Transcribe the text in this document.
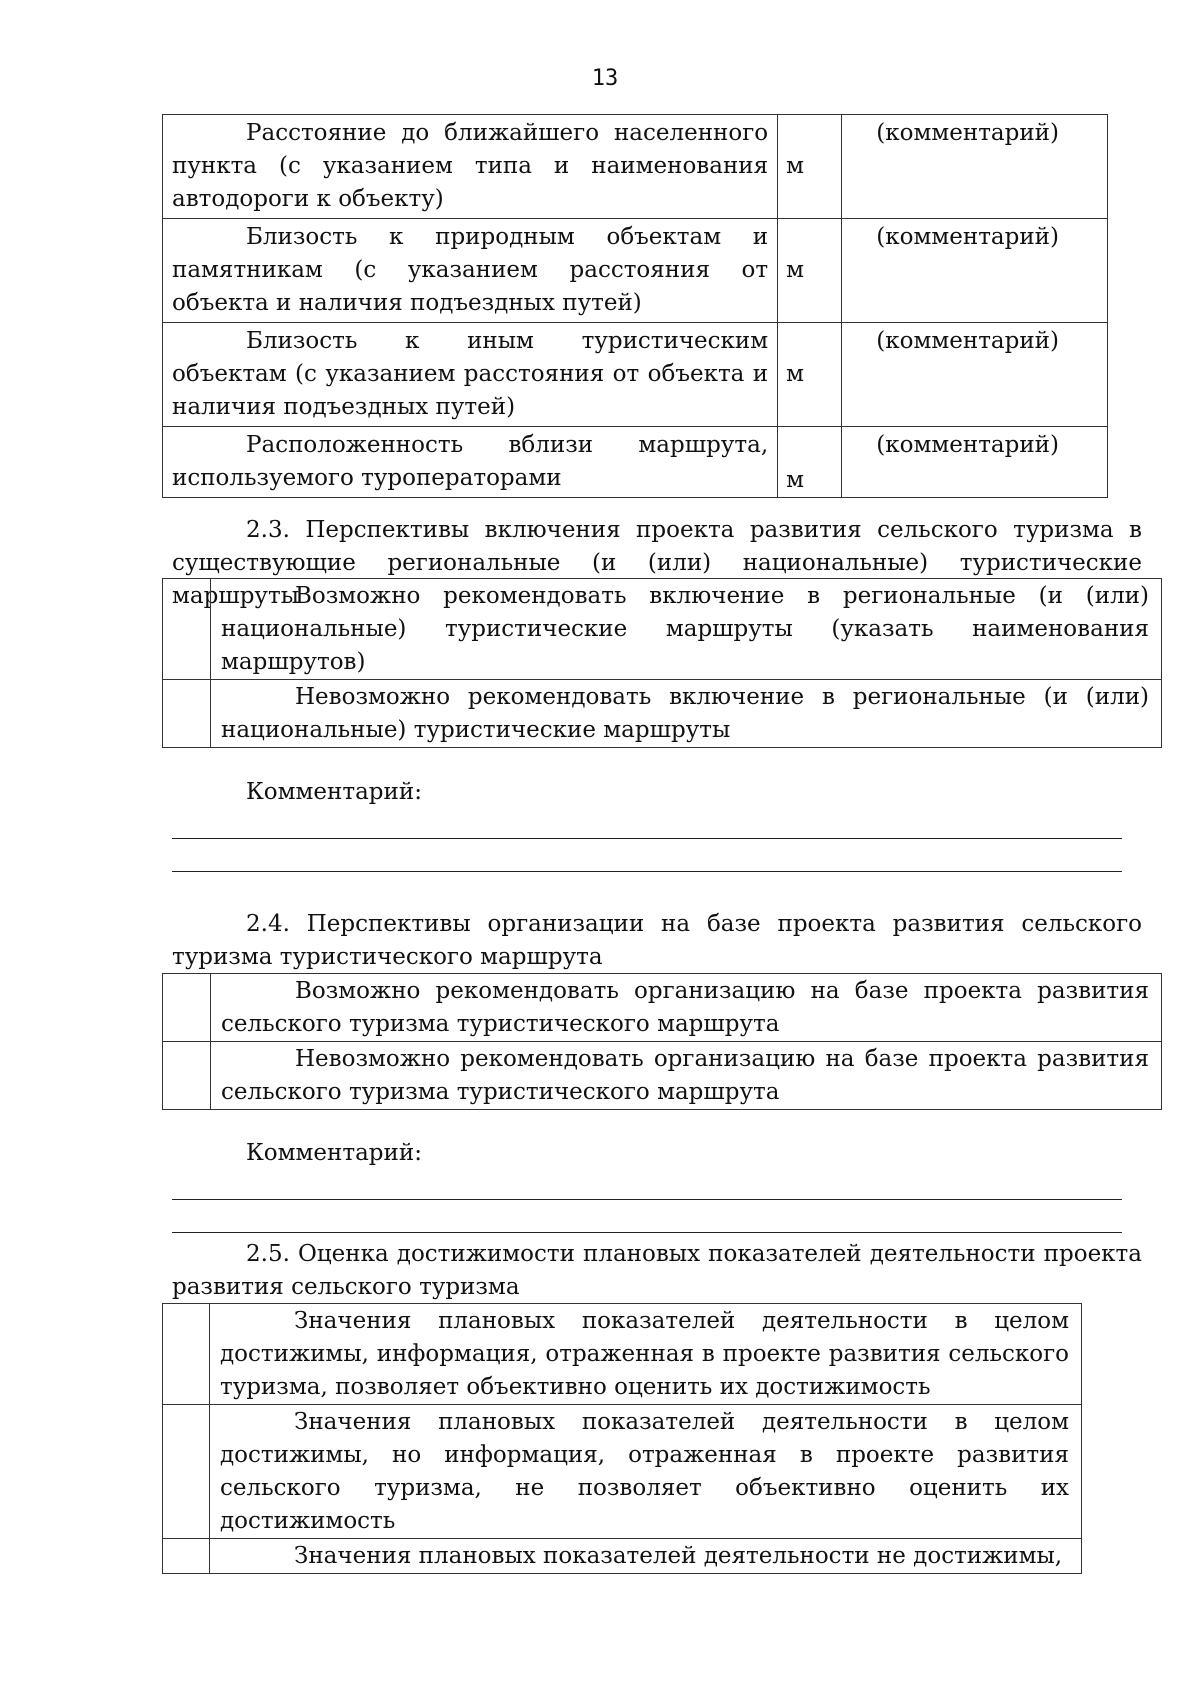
13
Расстояние до ближайшего населенного пункта (с указанием типа и наименования автодороги к объекту)	м	(комментарий)
Близость к природным объектам и памятникам (с указанием расстояния от объекта и наличия подъездных путей)	м	(комментарий)
Близость к иным туристическим объектам (с указанием расстояния от объекта и наличия подъездных путей)	м	(комментарий)
Расположенность вблизи маршрута, используемого туроператорами	м	(комментарий)

2.3. Перспективы включения проекта развития сельского туризма в существующие региональные (и (или) национальные) туристические маршруты

	Возможно рекомендовать включение в региональные (и (или) национальные) туристические маршруты (указать наименования маршрутов)
	Невозможно рекомендовать включение в региональные (и (или) национальные) туристические маршруты

Комментарий:

2.4. Перспективы организации на базе проекта развития сельского туризма туристического маршрута

	Возможно рекомендовать организацию на базе проекта развития сельского туризма туристического маршрута
	Невозможно рекомендовать организацию на базе проекта развития сельского туризма туристического маршрута

Комментарий:

2.5. Оценка достижимости плановых показателей деятельности проекта развития сельского туризма

	Значения плановых показателей деятельности в целом достижимы, информация, отраженная в проекте развития сельского туризма, позволяет объективно оценить их достижимость
	Значения плановых показателей деятельности в целом достижимы, но информация, отраженная в проекте развития сельского туризма, не позволяет объективно оценить их достижимость
	Значения плановых показателей деятельности не достижимы,
